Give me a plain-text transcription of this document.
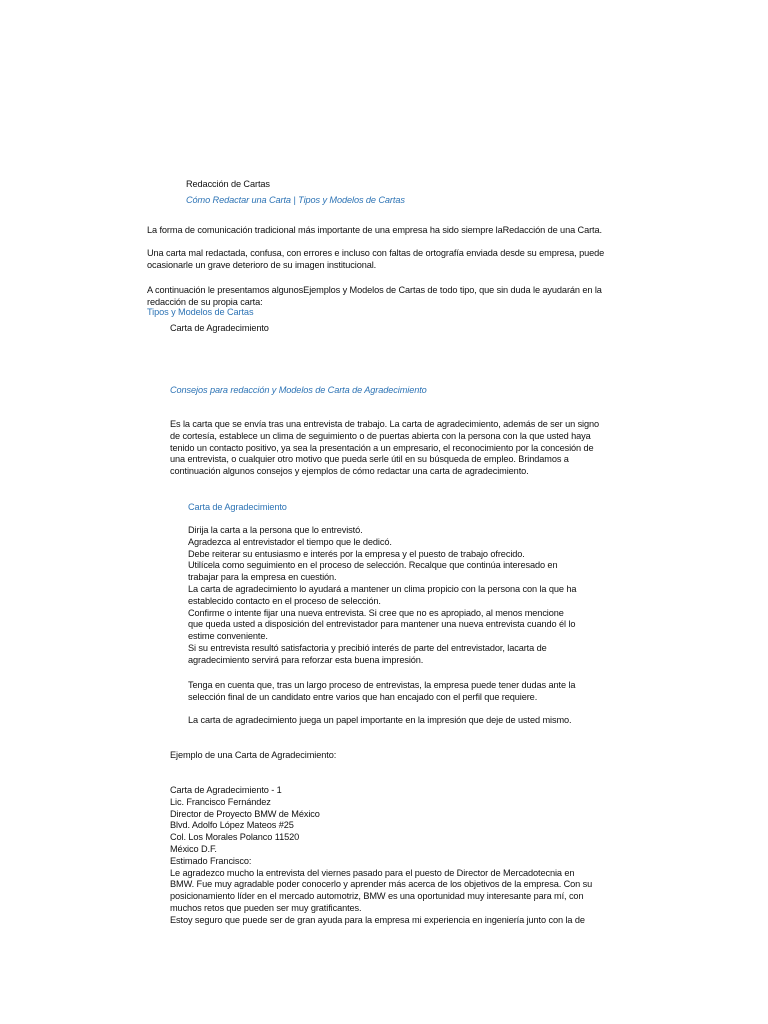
Redacción de Cartas
Cómo Redactar una Carta | Tipos y Modelos de Cartas
La forma de comunicación tradicional más importante de una empresa ha sido siempre laRedacción de una Carta.
Una carta mal redactada, confusa, con errores e incluso con faltas de ortografía enviada desde su empresa, puede
ocasionarle un grave deterioro de su imagen institucional.
A continuación le presentamos algunosEjemplos y Modelos de Cartas de todo tipo, que sin duda le ayudarán en la
redacción de su propia carta:
Tipos y Modelos de Cartas
Carta de Agradecimiento
Consejos para redacción y Modelos de Carta de Agradecimiento
Es la carta que se envía tras una entrevista de trabajo. La carta de agradecimiento, además de ser un signo
de cortesía, establece un clima de seguimiento o de puertas abierta con la persona con la que usted haya
tenido un contacto positivo, ya sea la presentación a un empresario, el reconocimiento por la concesión de
una entrevista, o cualquier otro motivo que pueda serle útil en su búsqueda de empleo. Brindamos a
continuación algunos consejos y ejemplos de cómo redactar una carta de agradecimiento.
Carta de Agradecimiento
Dirija la carta a la persona que lo entrevistó.
Agradezca al entrevistador el tiempo que le dedicó.
Debe reiterar su entusiasmo e interés por la empresa y el puesto de trabajo ofrecido.
Utilícela como seguimiento en el proceso de selección. Recalque que continúa interesado en
trabajar para la empresa en cuestión.
La carta de agradecimiento lo ayudará a mantener un clima propicio con la persona con la que ha
establecido contacto en el proceso de selección.
Confirme o intente fijar una nueva entrevista. Si cree que no es apropiado, al menos mencione
que queda usted a disposición del entrevistador para mantener una nueva entrevista cuando él lo
estime conveniente.
Si su entrevista resultó satisfactoria y precibió interés de parte del entrevistador, lacarta de
agradecimiento servirá para reforzar esta buena impresión.
Tenga en cuenta que, tras un largo proceso de entrevistas, la empresa puede tener dudas ante la
selección final de un candidato entre varios que han encajado con el perfil que requiere.
La carta de agradecimiento juega un papel importante en la impresión que deje de usted mismo.
Ejemplo de una Carta de Agradecimiento:
Carta de Agradecimiento - 1
Lic. Francisco Fernández
Director de Proyecto BMW de México
Blvd. Adolfo López Mateos #25
Col. Los Morales Polanco 11520
México D.F.
Estimado Francisco:
Le agradezco mucho la entrevista del viernes pasado para el puesto de Director de Mercadotecnia en
BMW. Fue muy agradable poder conocerlo y aprender más acerca de los objetivos de la empresa. Con su
posicionamiento líder en el mercado automotriz, BMW es una oportunidad muy interesante para mí, con
muchos retos que pueden ser muy gratificantes.
Estoy seguro que puede ser de gran ayuda para la empresa mi experiencia en ingeniería junto con la de
